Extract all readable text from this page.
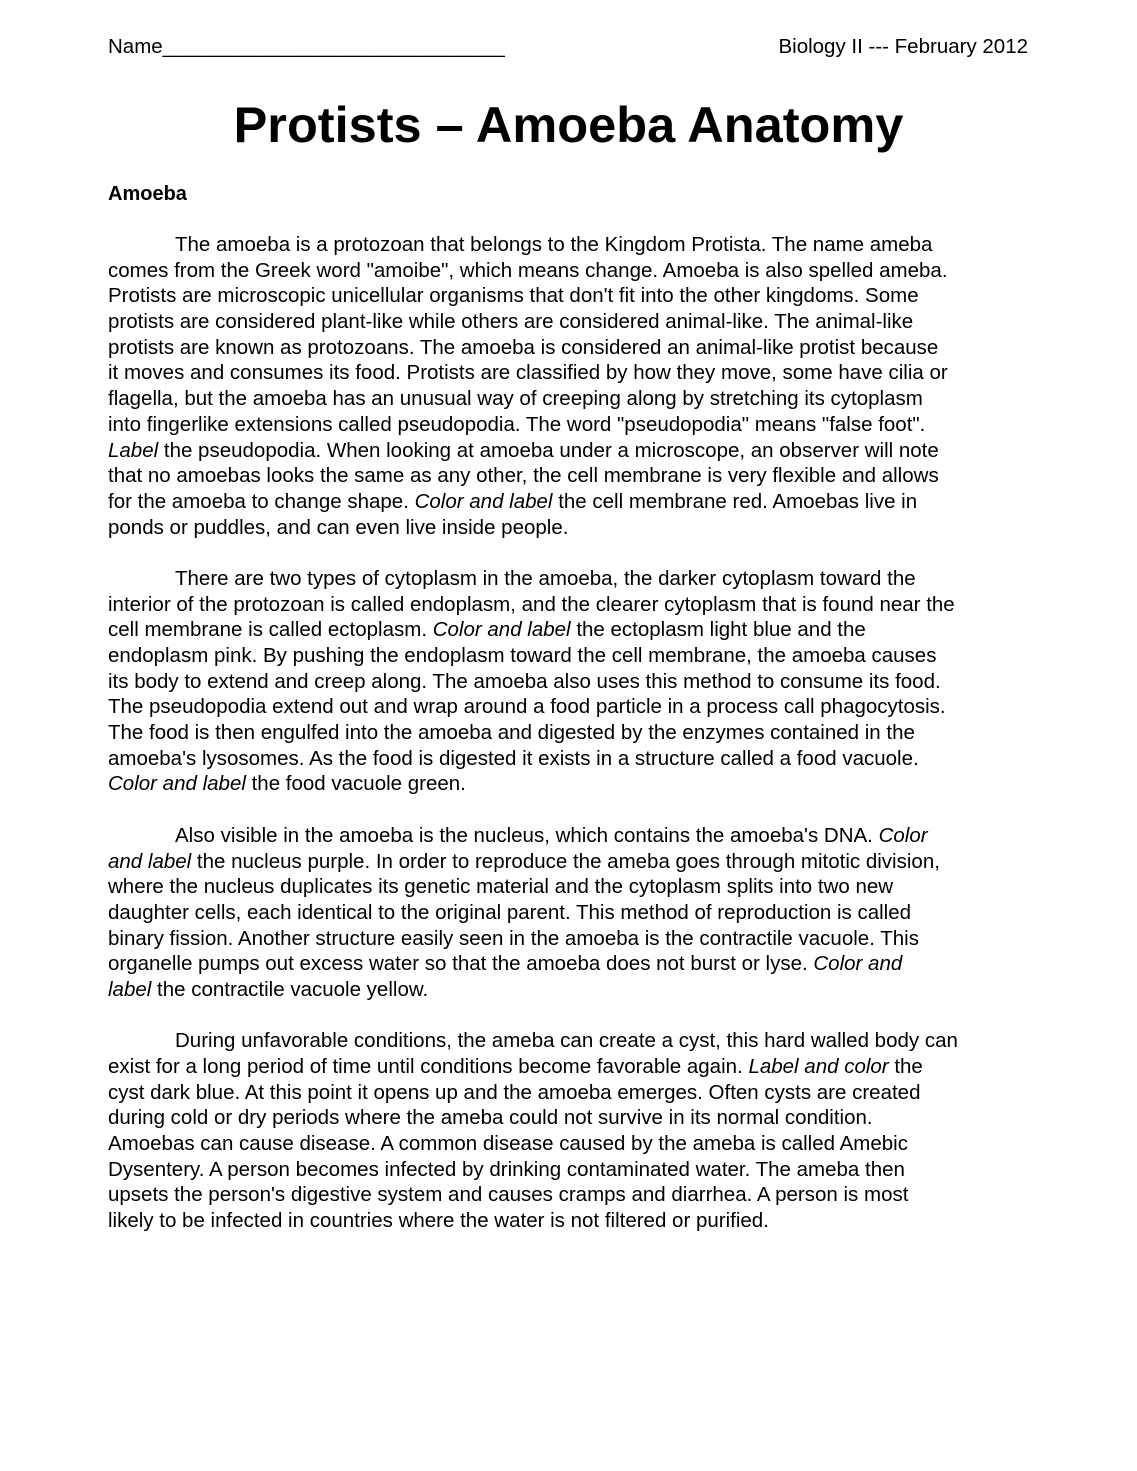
Name______________________________	Biology II --- February 2012
Protists – Amoeba Anatomy
Amoeba
The amoeba is a protozoan that belongs to the Kingdom Protista. The name ameba
comes from the Greek word "amoibe", which means change. Amoeba is also spelled ameba.
Protists are microscopic unicellular organisms that don't fit into the other kingdoms. Some
protists are considered plant-like while others are considered animal-like. The animal-like
protists are known as protozoans. The amoeba is considered an animal-like protist because
it moves and consumes its food. Protists are classified by how they move, some have cilia or
flagella, but the amoeba has an unusual way of creeping along by stretching its cytoplasm
into fingerlike extensions called pseudopodia. The word "pseudopodia" means "false foot".
Label the pseudopodia. When looking at amoeba under a microscope, an observer will note
that no amoebas looks the same as any other, the cell membrane is very flexible and allows
for the amoeba to change shape. Color and label the cell membrane red. Amoebas live in
ponds or puddles, and can even live inside people.
There are two types of cytoplasm in the amoeba, the darker cytoplasm toward the
interior of the protozoan is called endoplasm, and the clearer cytoplasm that is found near the
cell membrane is called ectoplasm. Color and label the ectoplasm light blue and the
endoplasm pink. By pushing the endoplasm toward the cell membrane, the amoeba causes
its body to extend and creep along. The amoeba also uses this method to consume its food.
The pseudopodia extend out and wrap around a food particle in a process call phagocytosis.
The food is then engulfed into the amoeba and digested by the enzymes contained in the
amoeba's lysosomes. As the food is digested it exists in a structure called a food vacuole.
Color and label the food vacuole green.
Also visible in the amoeba is the nucleus, which contains the amoeba's DNA. Color
and label the nucleus purple. In order to reproduce the ameba goes through mitotic division,
where the nucleus duplicates its genetic material and the cytoplasm splits into two new
daughter cells, each identical to the original parent. This method of reproduction is called
binary fission. Another structure easily seen in the amoeba is the contractile vacuole. This
organelle pumps out excess water so that the amoeba does not burst or lyse. Color and
label the contractile vacuole yellow.
During unfavorable conditions, the ameba can create a cyst, this hard walled body can
exist for a long period of time until conditions become favorable again. Label and color the
cyst dark blue. At this point it opens up and the amoeba emerges. Often cysts are created
during cold or dry periods where the ameba could not survive in its normal condition.
Amoebas can cause disease. A common disease caused by the ameba is called Amebic
Dysentery. A person becomes infected by drinking contaminated water. The ameba then
upsets the person's digestive system and causes cramps and diarrhea. A person is most
likely to be infected in countries where the water is not filtered or purified.
